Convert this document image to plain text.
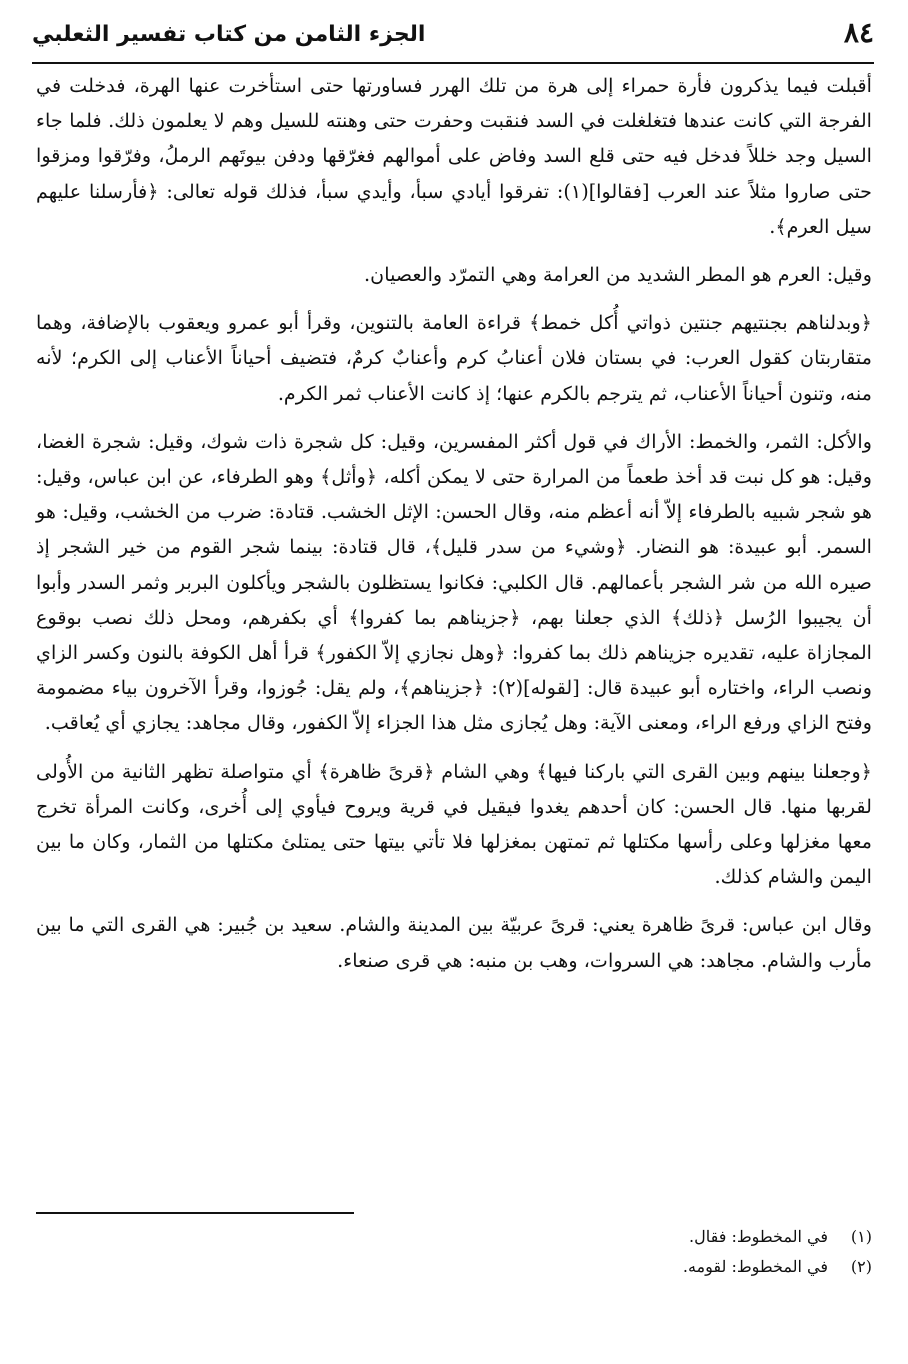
٨٤
الجزء الثامن من كتاب تفسير الثعلبي

أقبلت فيما يذكرون فأرة حمراء إلى هرة من تلك الهرر فساورتها حتى استأخرت عنها الهرة، فدخلت في الفرجة التي كانت عندها فتغلغلت في السد فنقبت وحفرت حتى وهنته للسيل وهم لا يعلمون ذلك. فلما جاء السيل وجد خللاً فدخل فيه حتى قلع السد وفاض على أموالهم فغرّقها ودفن بيوتَهم الرملُ، وفرّقوا ومزقوا حتى صاروا مثلاً عند العرب [فقالوا](١): تفرقوا أيادي سبأ، وأيدي سبأ، فذلك قوله تعالى: ﴿فأرسلنا عليهم سيل العرم﴾.

وقيل: العرم هو المطر الشديد من العرامة وهي التمرّد والعصيان.

﴿وبدلناهم بجنتيهم جنتين ذواتي أُكل خمط﴾ قراءة العامة بالتنوين، وقرأ أبو عمرو ويعقوب بالإضافة، وهما متقاربتان كقول العرب: في بستان فلان أعنابُ كرم وأعنابٌ كرمٌ، فتضيف أحياناً الأعناب إلى الكرم؛ لأنه منه، وتنون أحياناً الأعناب، ثم يترجم بالكرم عنها؛ إذ كانت الأعناب ثمر الكرم.

والأكل: الثمر، والخمط: الأراك في قول أكثر المفسرين، وقيل: كل شجرة ذات شوك، وقيل: شجرة الغضا، وقيل: هو كل نبت قد أخذ طعماً من المرارة حتى لا يمكن أكله، ﴿وأثل﴾ وهو الطرفاء، عن ابن عباس، وقيل: هو شجر شبيه بالطرفاء إلاّ أنه أعظم منه، وقال الحسن: الإثل الخشب. قتادة: ضرب من الخشب، وقيل: هو السمر. أبو عبيدة: هو النضار. ﴿وشيء من سدر قليل﴾، قال قتادة: بينما شجر القوم من خير الشجر إذ صيره الله من شر الشجر بأعمالهم. قال الكلبي: فكانوا يستظلون بالشجر ويأكلون البربر وثمر السدر وأبوا أن يجيبوا الرُسل ﴿ذلك﴾ الذي جعلنا بهم، ﴿جزيناهم بما كفروا﴾ أي بكفرهم، ومحل ذلك نصب بوقوع المجازاة عليه، تقديره جزيناهم ذلك بما كفروا: ﴿وهل نجازي إلاّ الكفور﴾ قرأ أهل الكوفة بالنون وكسر الزاي ونصب الراء، واختاره أبو عبيدة قال: [لقوله](٢): ﴿جزيناهم﴾، ولم يقل: جُوزوا، وقرأ الآخرون بياء مضمومة وفتح الزاي ورفع الراء، ومعنى الآية: وهل يُجازى مثل هذا الجزاء إلاّ الكفور، وقال مجاهد: يجازي أي يُعاقب.

﴿وجعلنا بينهم وبين القرى التي باركنا فيها﴾ وهي الشام ﴿قرىً ظاهرة﴾ أي متواصلة تظهر الثانية من الأُولى لقربها منها. قال الحسن: كان أحدهم يغدوا فيقيل في قرية ويروح فيأوي إلى أُخرى، وكانت المرأة تخرج معها مغزلها وعلى رأسها مكتلها ثم تمتهن بمغزلها فلا تأتي بيتها حتى يمتلئ مكتلها من الثمار، وكان ما بين اليمن والشام كذلك.

وقال ابن عباس: قرىً ظاهرة يعني: قرىً عربيّة بين المدينة والشام. سعيد بن جُبير: هي القرى التي ما بين مأرب والشام. مجاهد: هي السروات، وهب بن منبه: هي قرى صنعاء.

(١)في المخطوط: فقال.
(٢)في المخطوط: لقومه.
